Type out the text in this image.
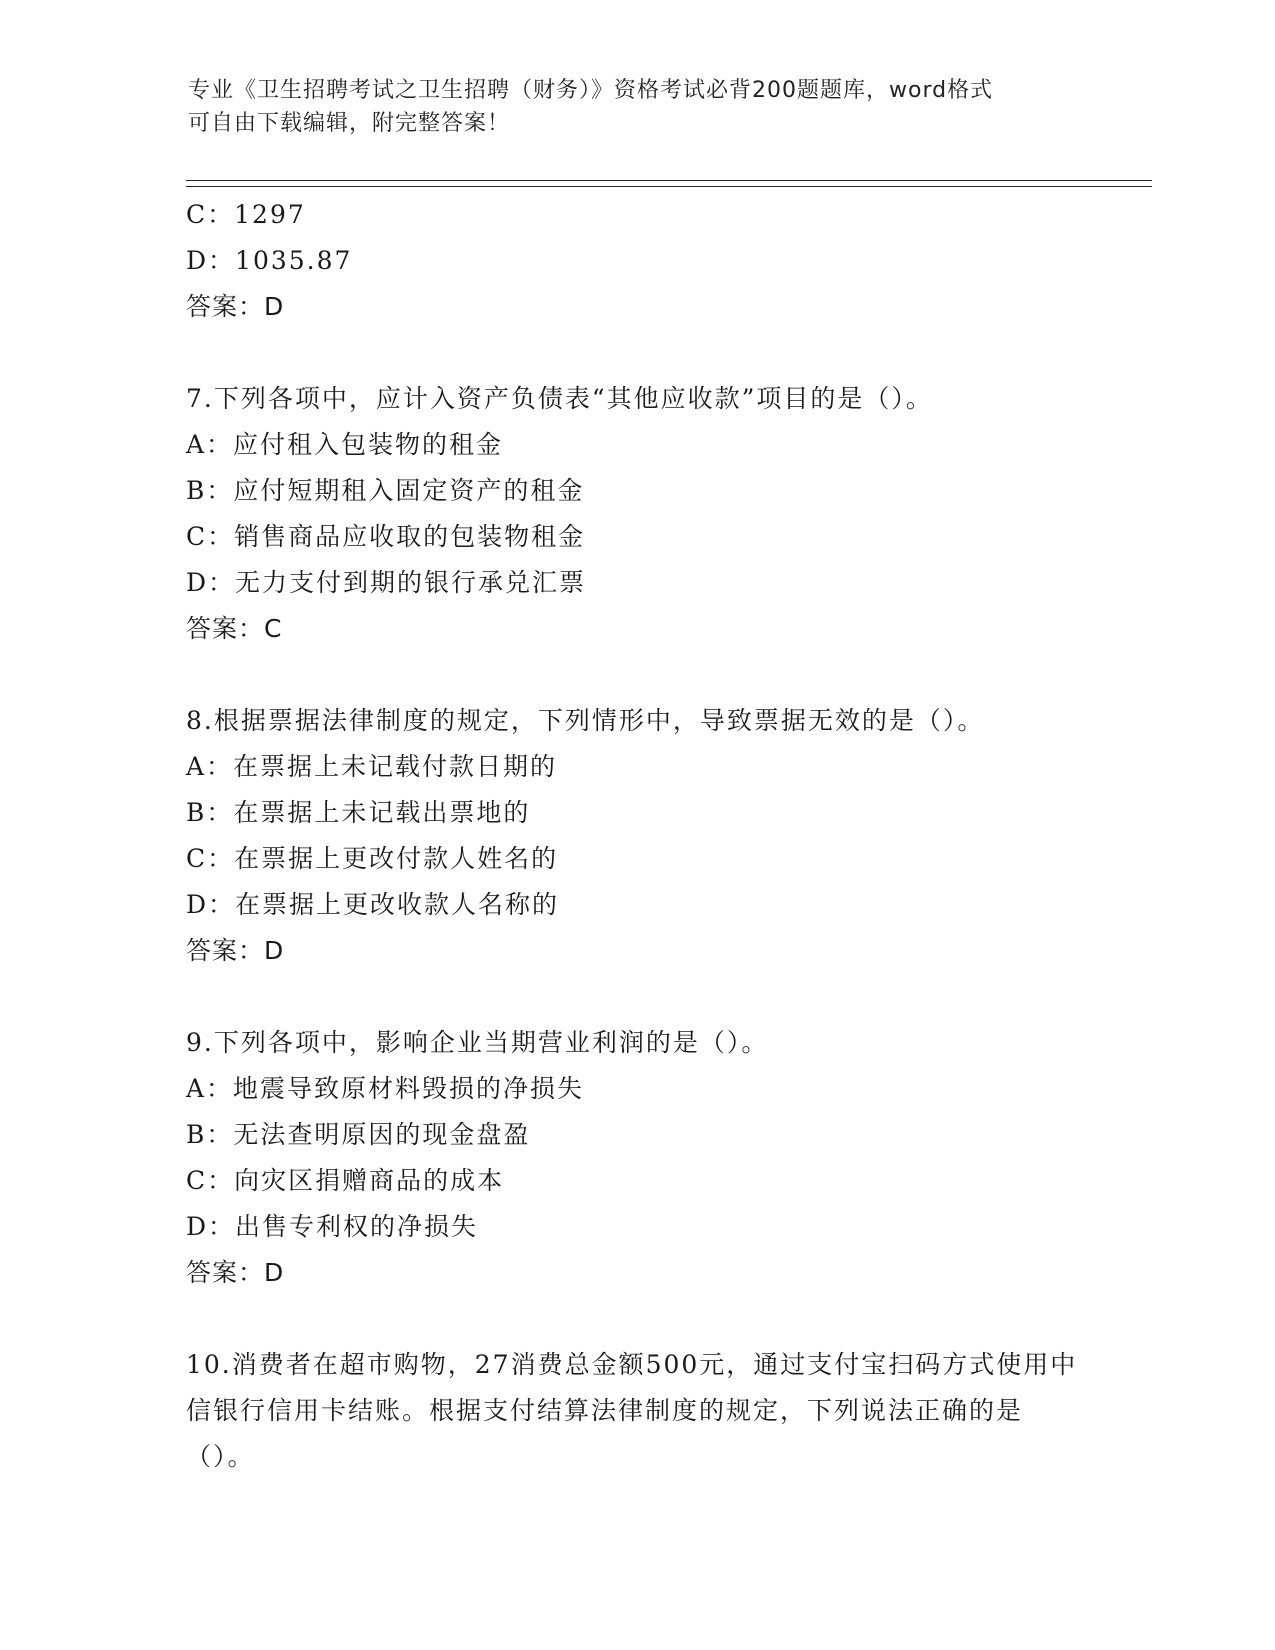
专业《卫生招聘考试之卫生招聘（财务）》资格考试必背200题题库，word格式
可自由下载编辑，附完整答案！
C：1297
D：1035.87
答案：D
7.下列各项中，应计入资产负债表“其他应收款”项目的是（）。
A：应付租入包装物的租金
B：应付短期租入固定资产的租金
C：销售商品应收取的包装物租金
D：无力支付到期的银行承兑汇票
答案：C
8.根据票据法律制度的规定，下列情形中，导致票据无效的是（）。
A：在票据上未记载付款日期的
B：在票据上未记载出票地的
C：在票据上更改付款人姓名的
D：在票据上更改收款人名称的
答案：D
9.下列各项中，影响企业当期营业利润的是（）。
A：地震导致原材料毁损的净损失
B：无法查明原因的现金盘盈
C：向灾区捐赠商品的成本
D：出售专利权的净损失
答案：D
10.消费者在超市购物，27消费总金额500元，通过支付宝扫码方式使用中信银行信用卡结账。根据支付结算法律制度的规定，下列说法正确的是（）。
